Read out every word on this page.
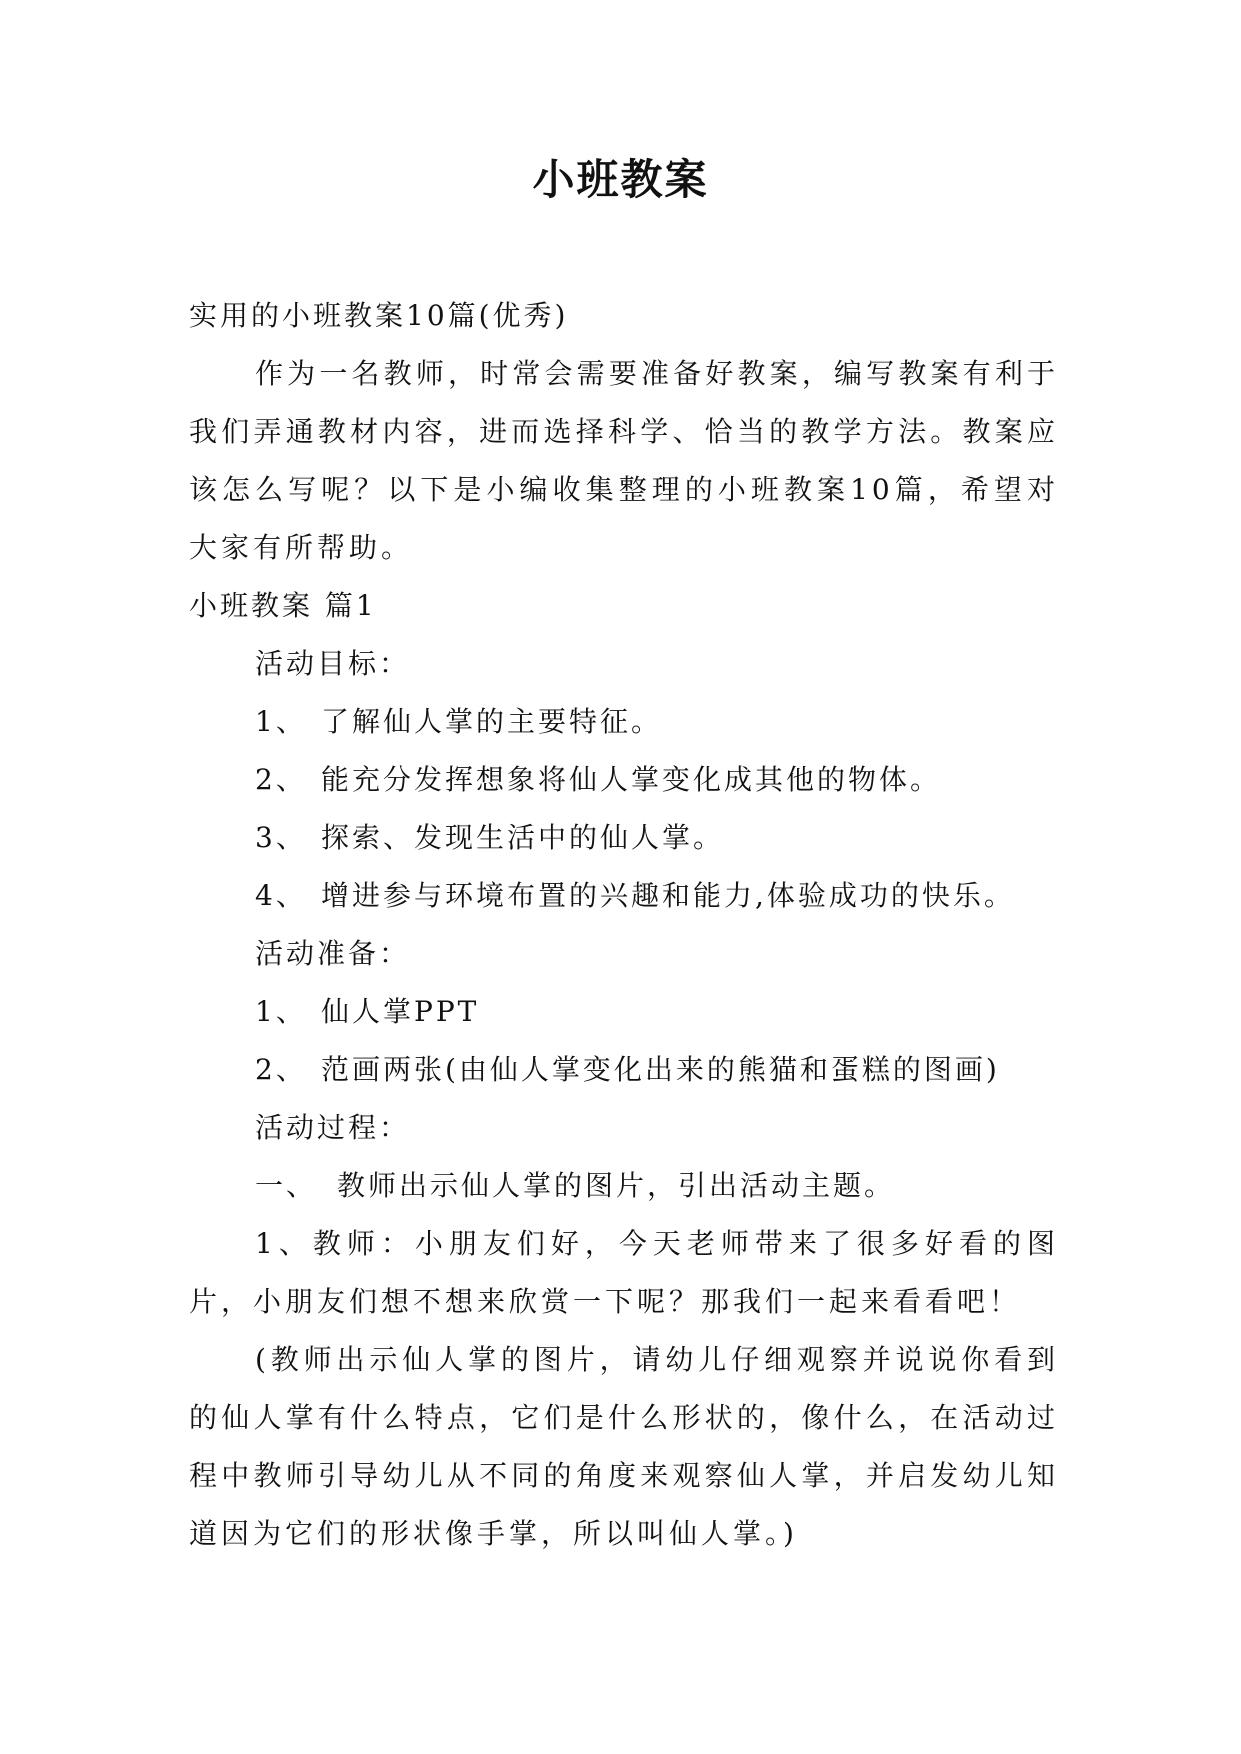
小班教案
实用的小班教案10篇(优秀)
作为一名教师，时常会需要准备好教案，编写教案有利于我们弄通教材内容，进而选择科学、恰当的教学方法。教案应该怎么写呢？以下是小编收集整理的小班教案10篇，希望对大家有所帮助。
小班教案 篇1
活动目标：
1、 了解仙人掌的主要特征。
2、 能充分发挥想象将仙人掌变化成其他的物体。
3、 探索、发现生活中的仙人掌。
4、 增进参与环境布置的兴趣和能力,体验成功的快乐。
活动准备：
1、 仙人掌PPT
2、 范画两张(由仙人掌变化出来的熊猫和蛋糕的图画)
活动过程：
一、 教师出示仙人掌的图片，引出活动主题。
1、教师：小朋友们好，今天老师带来了很多好看的图片，小朋友们想不想来欣赏一下呢？那我们一起来看看吧！
(教师出示仙人掌的图片，请幼儿仔细观察并说说你看到的仙人掌有什么特点，它们是什么形状的，像什么，在活动过程中教师引导幼儿从不同的角度来观察仙人掌，并启发幼儿知道因为它们的形状像手掌，所以叫仙人掌。)
